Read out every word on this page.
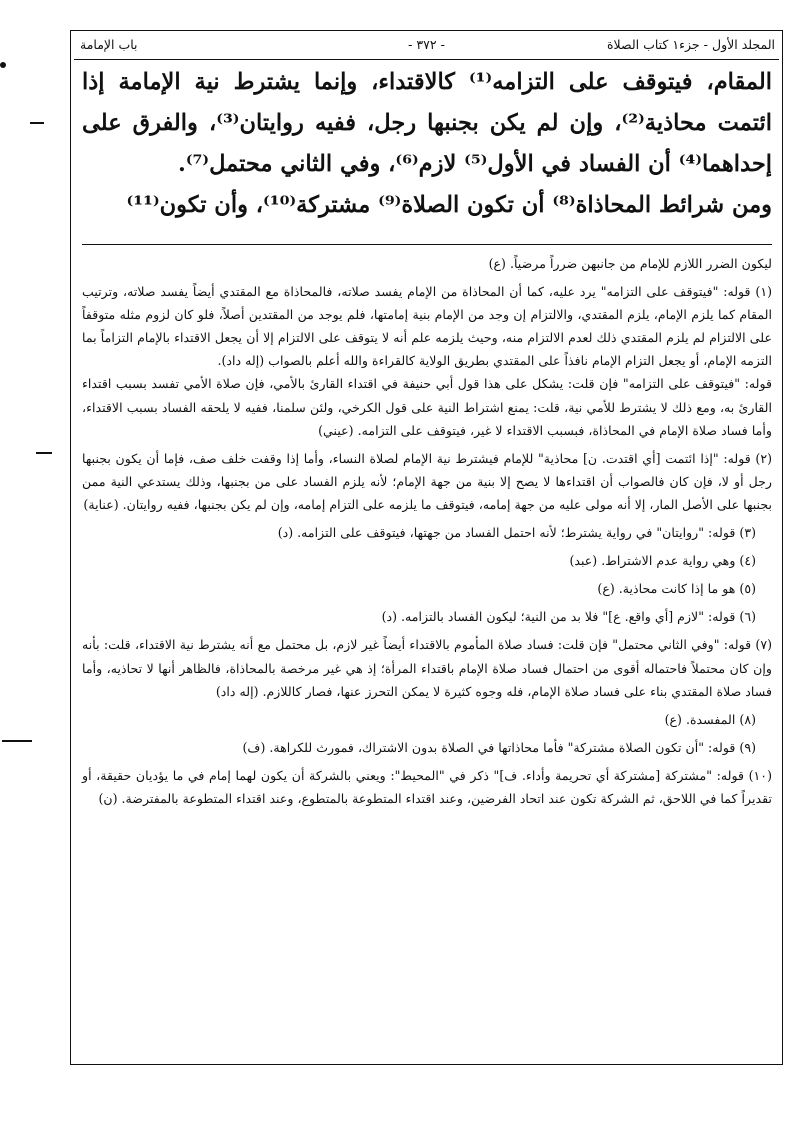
المجلد الأول - جزء١ كتاب الصلاة
- ٣٧٢ -
باب الإمامة

المقام، فيتوقف على التزامه⁽¹⁾ كالاقتداء، وإنما يشترط نية الإمامة إذا ائتمت محاذية⁽²⁾، وإن لم يكن بجنبها رجل، ففيه روايتان⁽³⁾، والفرق على إحداهما⁽⁴⁾ أن الفساد في الأول⁽⁵⁾ لازم⁽⁶⁾، وفي الثاني محتمل⁽⁷⁾.

ومن شرائط المحاذاة⁽⁸⁾ أن تكون الصلاة⁽⁹⁾ مشتركة⁽¹⁰⁾، وأن تكون⁽¹¹⁾

ليكون الضرر اللازم للإمام من جانبهن ضرراً مرضياً. (ع)

(١) قوله: "فيتوقف على التزامه" يرد عليه، كما أن المحاذاة من الإمام يفسد صلاته، فالمحاذاة مع المقتدي أيضاً يفسد صلاته، وترتيب المقام كما يلزم الإمام، يلزم المقتدي، والالتزام إن وجد من الإمام بنية إمامتها، فلم يوجد من المقتدين أصلاً، فلو كان لزوم مثله متوقفاً على الالتزام لم يلزم المقتدي ذلك لعدم الالتزام منه، وحيث يلزمه علم أنه لا يتوقف على الالتزام إلا أن يجعل الاقتداء بالإمام التزاماً بما التزمه الإمام، أو يجعل التزام الإمام نافذاً على المقتدي بطريق الولاية كالقراءة والله أعلم بالصواب (إله داد).

قوله: "فيتوقف على التزامه" فإن قلت: يشكل على هذا قول أبي حنيفة في اقتداء القارئ بالأمي، فإن صلاة الأمي تفسد بسبب اقتداء القارئ به، ومع ذلك لا يشترط للأمي نية، قلت: يمنع اشتراط النية على قول الكرخي، ولئن سلمنا، ففيه لا يلحقه الفساد بسبب الاقتداء، وأما فساد صلاة الإمام في المحاذاة، فبسبب الاقتداء لا غير، فيتوقف على التزامه. (عيني)

(٢) قوله: "إذا ائتمت [أي اقتدت. ن] محاذية" للإمام فيشترط نية الإمام لصلاة النساء، وأما إذا وقفت خلف صف، فإما أن يكون بجنبها رجل أو لا، فإن كان فالصواب أن اقتداءها لا يصح إلا بنية من جهة الإمام؛ لأنه يلزم الفساد على من بجنبها، وذلك يستدعي النية ممن بجنبها على الأصل المار، إلا أنه مولى عليه من جهة إمامه، فيتوقف ما يلزمه على التزام إمامه، وإن لم يكن بجنبها، ففيه روايتان. (عناية)

(٣) قوله: "روايتان" في رواية يشترط؛ لأنه احتمل الفساد من جهتها، فيتوقف على التزامه. (د)

(٤) وهي رواية عدم الاشتراط. (عبد)

(٥) هو ما إذا كانت محاذية. (ع)

(٦) قوله: "لازم [أي واقع. ع]" فلا بد من النية؛ ليكون الفساد بالتزامه. (د)

(٧) قوله: "وفي الثاني محتمل" فإن قلت: فساد صلاة المأموم بالاقتداء أيضاً غير لازم، بل محتمل مع أنه يشترط نية الاقتداء، قلت: بأنه وإن كان محتملاً فاحتماله أقوى من احتمال فساد صلاة الإمام باقتداء المرأة؛ إذ هي غير مرخصة بالمحاذاة، فالظاهر أنها لا تحاذيه، وأما فساد صلاة المقتدي بناء على فساد صلاة الإمام، فله وجوه كثيرة لا يمكن التحرز عنها، فصار كاللازم. (إله داد)

(٨) المفسدة. (ع)

(٩) قوله: "أن تكون الصلاة مشتركة" فأما محاذاتها في الصلاة بدون الاشتراك، فمورث للكراهة. (ف)

(١٠) قوله: "مشتركة [مشتركة أي تحريمة وأداء. ف]" ذكر في "المحيط": ويعني بالشركة أن يكون لهما إمام في ما يؤديان حقيقة، أو تقديراً كما في اللاحق، ثم الشركة تكون عند اتحاد الفرضين، وعند اقتداء المتطوعة بالمتطوع، وعند اقتداء المتطوعة بالمفترضة. (ن)
